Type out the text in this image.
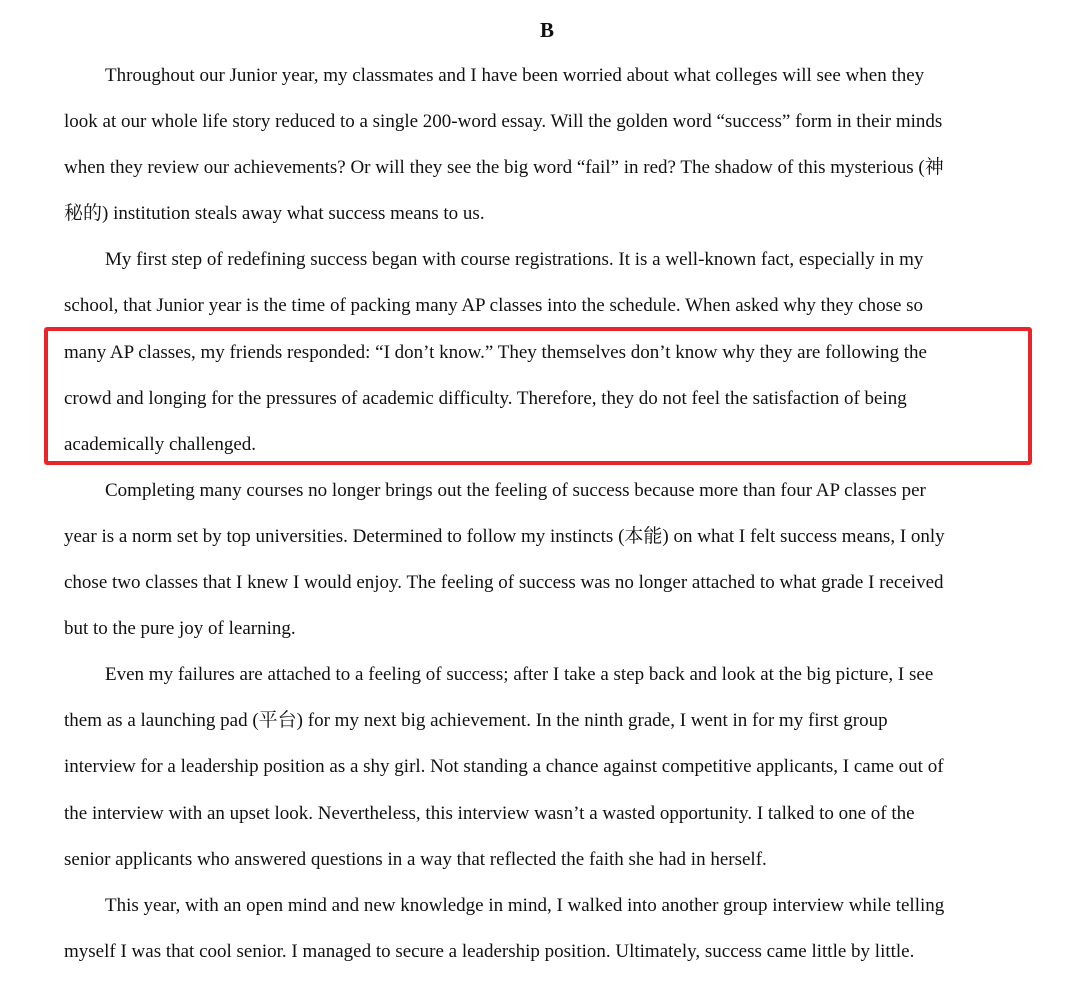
B

Throughout our Junior year, my classmates and I have been worried about what colleges will see when they
look at our whole life story reduced to a single 200-word essay. Will the golden word “success” form in their minds
when they review our achievements? Or will they see the big word “fail” in red? The shadow of this mysterious (神
秘的) institution steals away what success means to us.

My first step of redefining success began with course registrations. It is a well-known fact, especially in my
school, that Junior year is the time of packing many AP classes into the schedule. When asked why they chose so
many AP classes, my friends responded: “I don’t know.” They themselves don’t know why they are following the
crowd and longing for the pressures of academic difficulty. Therefore, they do not feel the satisfaction of being
academically challenged.

Completing many courses no longer brings out the feeling of success because more than four AP classes per
year is a norm set by top universities. Determined to follow my instincts (本能) on what I felt success means, I only
chose two classes that I knew I would enjoy. The feeling of success was no longer attached to what grade I received
but to the pure joy of learning.

Even my failures are attached to a feeling of success; after I take a step back and look at the big picture, I see
them as a launching pad (平台) for my next big achievement. In the ninth grade, I went in for my first group
interview for a leadership position as a shy girl. Not standing a chance against competitive applicants, I came out of
the interview with an upset look. Nevertheless, this interview wasn’t a wasted opportunity. I talked to one of the
senior applicants who answered questions in a way that reflected the faith she had in herself.

This year, with an open mind and new knowledge in mind, I walked into another group interview while telling
myself I was that cool senior. I managed to secure a leadership position. Ultimately, success came little by little.
